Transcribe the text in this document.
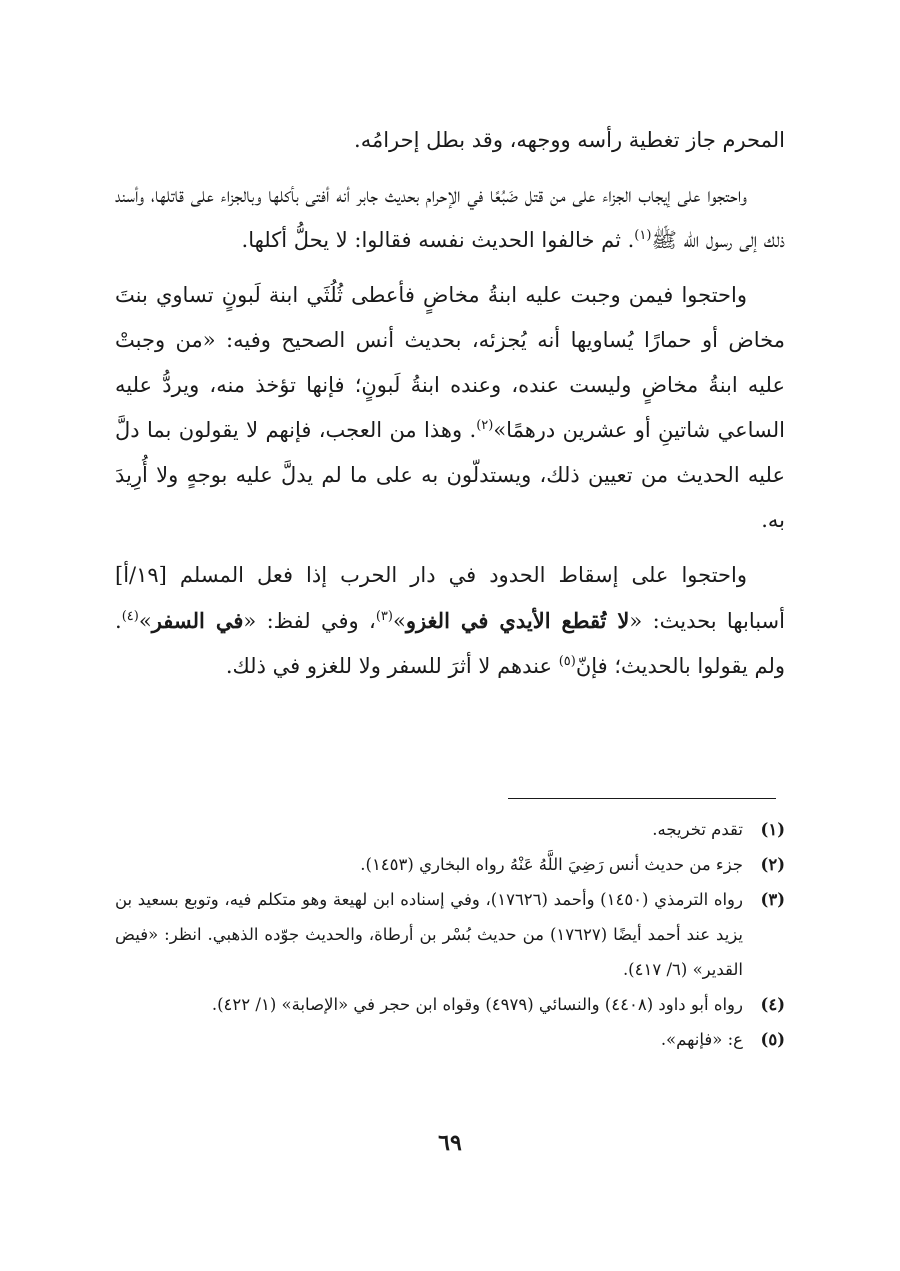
المحرم جاز تغطية رأسه ووجهه، وقد بطل إحرامُه.

واحتجوا على إيجاب الجزاء على من قتل ضَبُعًا في الإحرام بحديث جابر أنه أفتى بأكلها وبالجزاء على قاتلها، وأسند ذلك إلى رسول الله ﷺ$^{(١)}$. ثم خالفوا الحديث نفسه فقالوا: لا يحلُّ أكلها.

واحتجوا فيمن وجبت عليه ابنةُ مخاضٍ فأعطى ثُلُثَي ابنة لَبونٍ تساوي بنتَ مخاض أو حمارًا يُساويها أنه يُجزئه، بحديث أنس الصحيح وفيه: «من وجبتْ عليه ابنةُ مخاضٍ وليست عنده، وعنده ابنةُ لَبونٍ؛ فإنها تؤخذ منه، ويردُّ عليه الساعي شاتينِ أو عشرين درهمًا»$^{(٢)}$. وهذا من العجب، فإنهم لا يقولون بما دلَّ عليه الحديث من تعيين ذلك، ويستدلّون به على ما لم يدلَّ عليه بوجهٍ ولا أُرِيدَ به.

واحتجوا على إسقاط الحدود في دار الحرب إذا فعل المسلم [١٩/أ] أسبابها بحديث: «لا تُقطع الأيدي في الغزو»$^{(٣)}$، وفي لفظ: «في السفر»$^{(٤)}$. ولم يقولوا بالحديث؛ فإنّ$^{(٥)}$ عندهم لا أثرَ للسفر ولا للغزو في ذلك.

(١)
تقدم تخريجه.
(٢)
جزء من حديث أنس رَضِيَ اللَّهُ عَنْهُ رواه البخاري (١٤٥٣).
(٣)
رواه الترمذي (١٤٥٠) وأحمد (١٧٦٢٦)، وفي إسناده ابن لهيعة وهو متكلم فيه، وتوبع بسعيد بن يزيد عند أحمد أيضًا (١٧٦٢٧) من حديث بُسْر بن أرطاة، والحديث جوّده الذهبي. انظر: «فيض القدير» (٦/ ٤١٧).
(٤)
رواه أبو داود (٤٤٠٨) والنسائي (٤٩٧٩) وقواه ابن حجر في «الإصابة» (١/ ٤٢٢).
(٥)
ع: «فإنهم».
٦٩
